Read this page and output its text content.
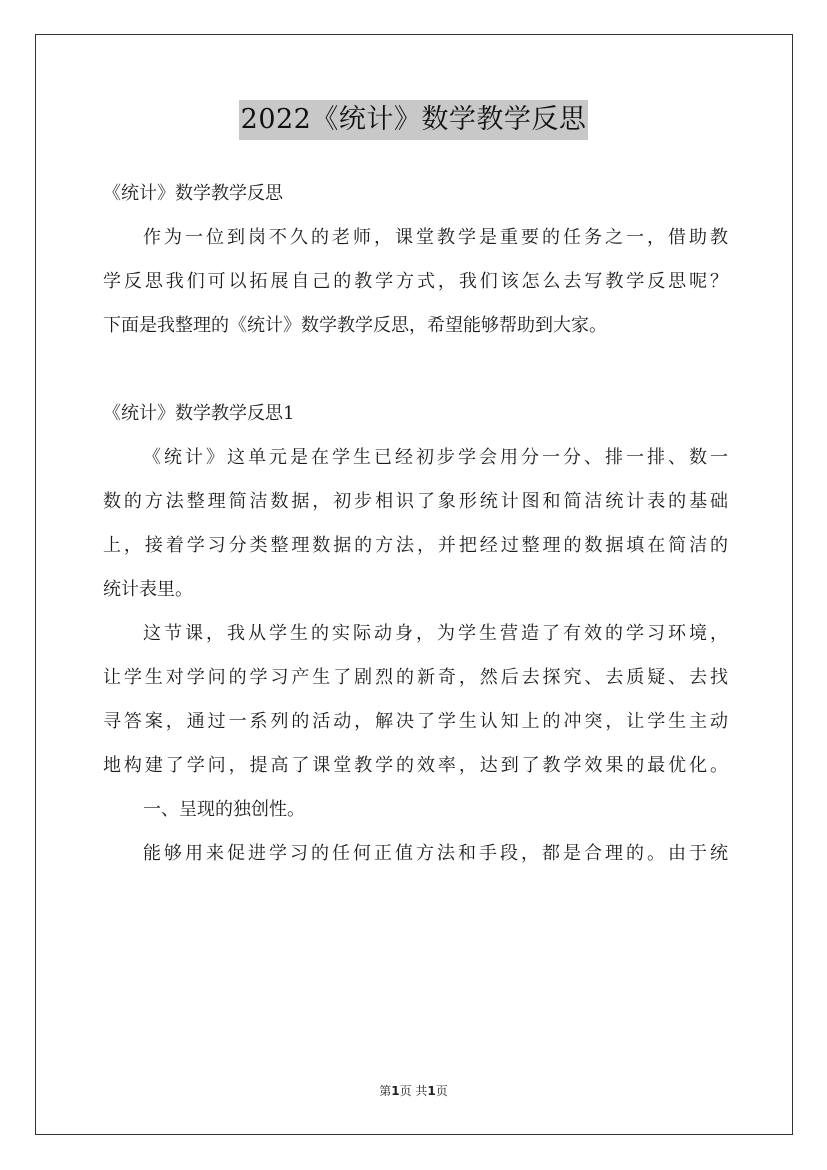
2022《统计》数学教学反思
《统计》数学教学反思
作为一位到岗不久的老师，课堂教学是重要的任务之一，借助教
学反思我们可以拓展自己的教学方式，我们该怎么去写教学反思呢？
下面是我整理的《统计》数学教学反思，希望能够帮助到大家。
《统计》数学教学反思1
《统计》这单元是在学生已经初步学会用分一分、排一排、数一
数的方法整理简洁数据，初步相识了象形统计图和简洁统计表的基础
上，接着学习分类整理数据的方法，并把经过整理的数据填在简洁的
统计表里。
这节课，我从学生的实际动身，为学生营造了有效的学习环境，
让学生对学问的学习产生了剧烈的新奇，然后去探究、去质疑、去找
寻答案，通过一系列的活动，解决了学生认知上的冲突，让学生主动
地构建了学问，提高了课堂教学的效率，达到了教学效果的最优化。
一、呈现的独创性。
能够用来促进学习的任何正值方法和手段，都是合理的。由于统
第1页 共1页
